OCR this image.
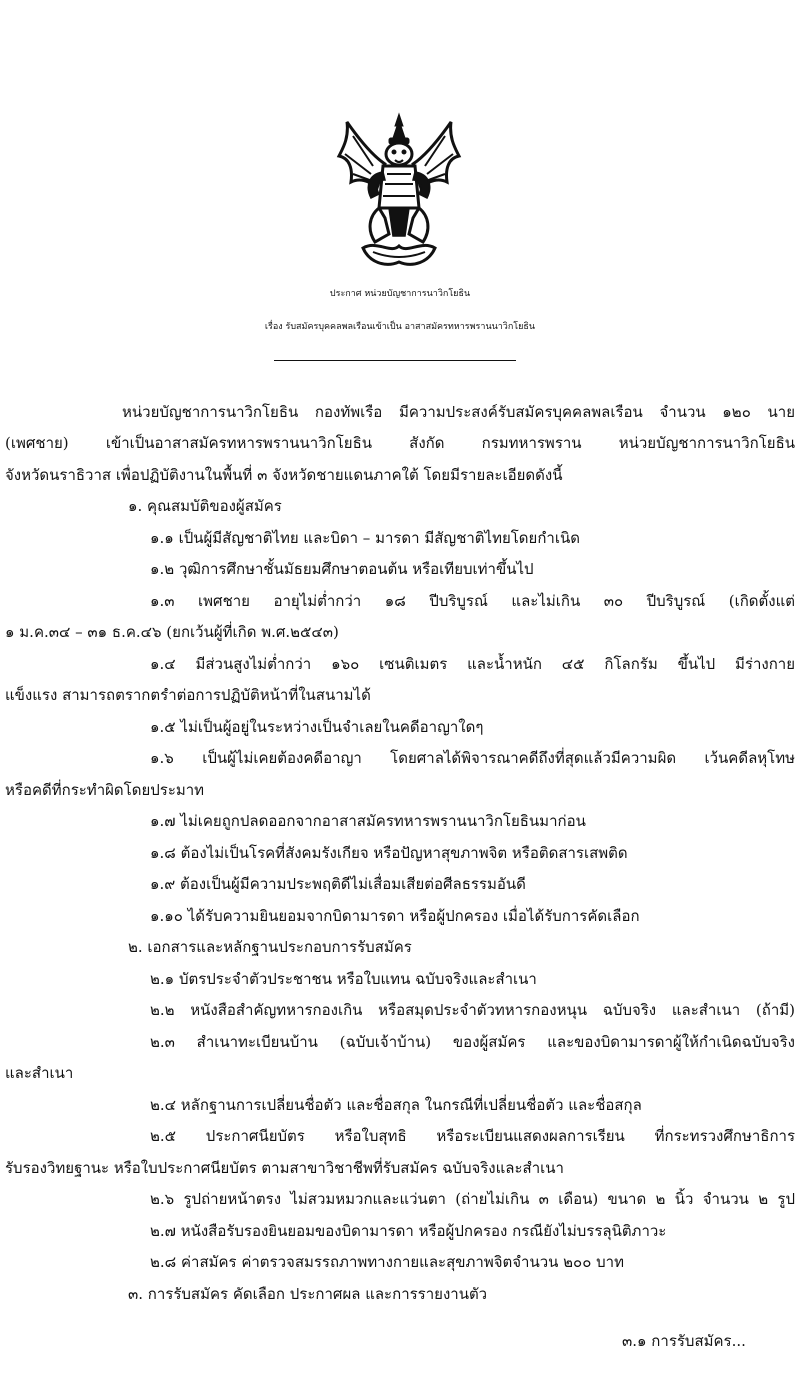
ประกาศ หน่วยบัญชาการนาวิกโยธิน
เรื่อง รับสมัครบุคคลพลเรือนเข้าเป็น อาสาสมัครทหารพรานนาวิกโยธิน
หน่วยบัญชาการนาวิกโยธิน กองทัพเรือ มีความประสงค์รับสมัครบุคคลพลเรือน จำนวน ๑๒๐ นาย
(เพศชาย) เข้าเป็นอาสาสมัครทหารพรานนาวิกโยธิน สังกัด กรมทหารพราน หน่วยบัญชาการนาวิกโยธิน
จังหวัดนราธิวาส เพื่อปฏิบัติงานในพื้นที่ ๓ จังหวัดชายแดนภาคใต้ โดยมีรายละเอียดดังนี้
๑. คุณสมบัติของผู้สมัคร
๑.๑ เป็นผู้มีสัญชาติไทย และบิดา – มารดา มีสัญชาติไทยโดยกำเนิด
๑.๒ วุฒิการศึกษาชั้นมัธยมศึกษาตอนต้น หรือเทียบเท่าขึ้นไป
๑.๓ เพศชาย อายุไม่ต่ำกว่า ๑๘ ปีบริบูรณ์ และไม่เกิน ๓๐ ปีบริบูรณ์ (เกิดตั้งแต่
๑ ม.ค.๓๔ – ๓๑ ธ.ค.๔๖ (ยกเว้นผู้ที่เกิด พ.ศ.๒๕๔๓)
๑.๔ มีส่วนสูงไม่ต่ำกว่า ๑๖๐ เซนติเมตร และน้ำหนัก ๔๕ กิโลกรัม ขึ้นไป มีร่างกาย
แข็งแรง สามารถตรากตรำต่อการปฏิบัติหน้าที่ในสนามได้
๑.๕ ไม่เป็นผู้อยู่ในระหว่างเป็นจำเลยในคดีอาญาใดๆ
๑.๖ เป็นผู้ไม่เคยต้องคดีอาญา โดยศาลได้พิจารณาคดีถึงที่สุดแล้วมีความผิด เว้นคดีลหุโทษ
หรือคดีที่กระทำผิดโดยประมาท
๑.๗ ไม่เคยถูกปลดออกจากอาสาสมัครทหารพรานนาวิกโยธินมาก่อน
๑.๘ ต้องไม่เป็นโรคที่สังคมรังเกียจ หรือปัญหาสุขภาพจิต หรือติดสารเสพติด
๑.๙ ต้องเป็นผู้มีความประพฤติดีไม่เสื่อมเสียต่อศีลธรรมอันดี
๑.๑๐ ได้รับความยินยอมจากบิดามารดา หรือผู้ปกครอง เมื่อได้รับการคัดเลือก
๒. เอกสารและหลักฐานประกอบการรับสมัคร
๒.๑ บัตรประจำตัวประชาชน หรือใบแทน ฉบับจริงและสำเนา
๒.๒ หนังสือสำคัญทหารกองเกิน หรือสมุดประจำตัวทหารกองหนุน ฉบับจริง และสำเนา (ถ้ามี)
๒.๓ สำเนาทะเบียนบ้าน (ฉบับเจ้าบ้าน) ของผู้สมัคร และของบิดามารดาผู้ให้กำเนิดฉบับจริง
และสำเนา
๒.๔ หลักฐานการเปลี่ยนชื่อตัว และชื่อสกุล ในกรณีที่เปลี่ยนชื่อตัว และชื่อสกุล
๒.๕ ประกาศนียบัตร หรือใบสุทธิ หรือระเบียนแสดงผลการเรียน ที่กระทรวงศึกษาธิการ
รับรองวิทยฐานะ หรือใบประกาศนียบัตร ตามสาขาวิชาชีพที่รับสมัคร ฉบับจริงและสำเนา
๒.๖ รูปถ่ายหน้าตรง ไม่สวมหมวกและแว่นตา (ถ่ายไม่เกิน ๓ เดือน) ขนาด ๒ นิ้ว จำนวน ๒ รูป
๒.๗ หนังสือรับรองยินยอมของบิดามารดา หรือผู้ปกครอง กรณียังไม่บรรลุนิติภาวะ
๒.๘ ค่าสมัคร ค่าตรวจสมรรถภาพทางกายและสุขภาพจิตจำนวน ๒๐๐ บาท
๓. การรับสมัคร คัดเลือก ประกาศผล และการรายงานตัว
๓.๑ การรับสมัคร...
